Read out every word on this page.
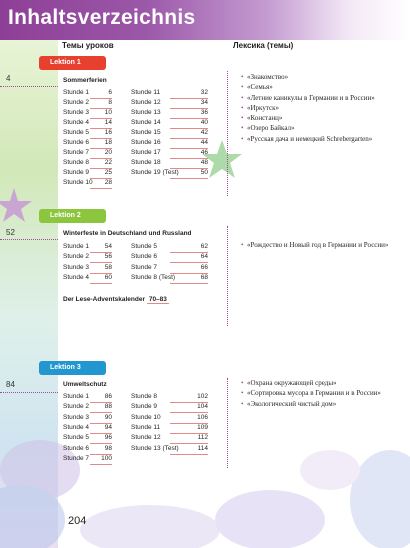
Inhaltsverzeichnis
Темы уроков	Лексика (темы)
Lektion 1
4	Sommerferien
Stunde 1	6
Stunde 2	8
Stunde 3	10
Stunde 4	14
Stunde 5	16
Stunde 6	18
Stunde 7	20
Stunde 8	22
Stunde 9	25
Stunde 10	28
Stunde 11	32
Stunde 12	34
Stunde 13	36
Stunde 14	40
Stunde 15	42
Stunde 16	44
Stunde 17	46
Stunde 18	48
Stunde 19 (Test)	50
• «Знакомство»
• «Семья»
• «Летние каникулы в Германии и в России»
• «Иркутск»
• «Констанц»
• «Озеро Байкал»
• «Русская дача и немецкий Schrebergarten»
Lektion 2
52	Winterfeste in Deutschland und Russland
Stunde 1	54
Stunde 2	56
Stunde 3	58
Stunde 4	60
Stunde 5	62
Stunde 6	64
Stunde 7	66
Stunde 8 (Test)	68
Der Lese-Adventskalender 70–83
• «Рождество и Новый год в Германии и России»
Lektion 3
84	Umweltschutz
Stunde 1	86
Stunde 2	88
Stunde 3	90
Stunde 4	94
Stunde 5	96
Stunde 6	98
Stunde 7	100
Stunde 8	102
Stunde 9	104
Stunde 10	106
Stunde 11	109
Stunde 12	112
Stunde 13 (Test)	114
• «Охрана окружающей среды»
• «Сортировка мусора в Германии и в России»
• «Экологический чистый дом»
204
